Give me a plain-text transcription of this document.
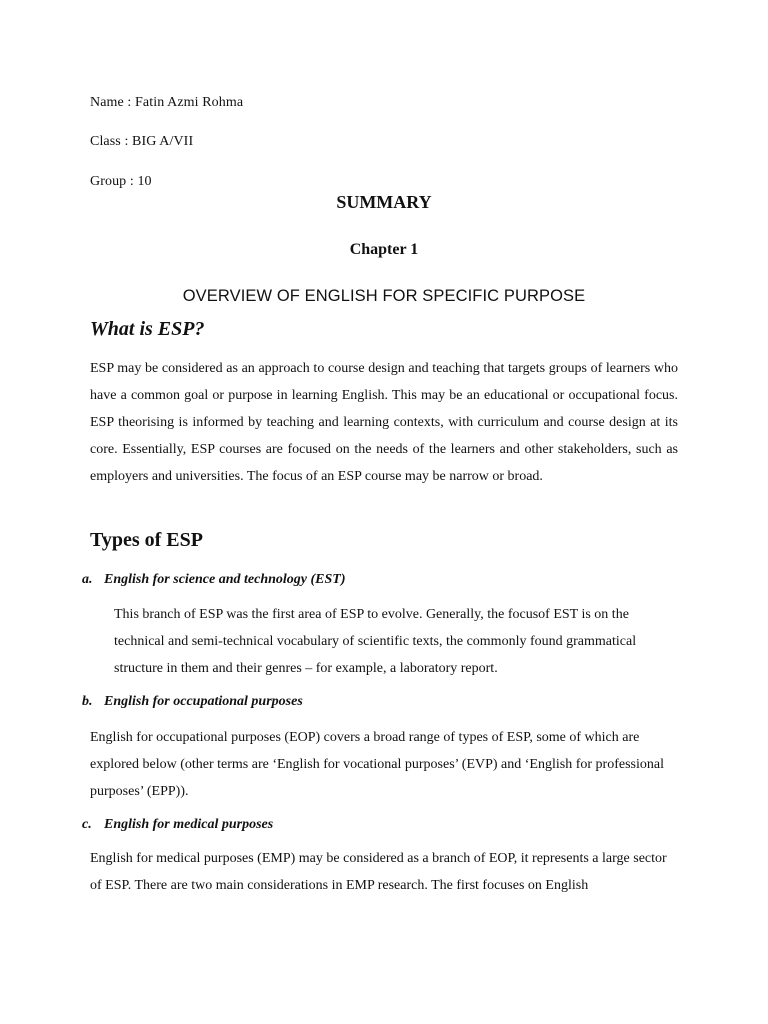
Name : Fatin Azmi Rohma
Class : BIG A/VII
Group : 10
SUMMARY
Chapter 1
OVERVIEW OF ENGLISH FOR SPECIFIC PURPOSE
What is ESP?
ESP may be considered as an approach to course design and teaching that targets groups of learners who have a common goal or purpose in learning English. This may be an educational or occupational focus. ESP theorising is informed by teaching and learning contexts, with curriculum and course design at its core. Essentially, ESP courses are focused on the needs of the learners and other stakeholders, such as employers and universities. The focus of an ESP course may be narrow or broad.
Types of ESP
a. English for science and technology (EST)
This branch of ESP was the first area of ESP to evolve. Generally, the focusof EST is on the technical and semi-technical vocabulary of scientific texts, the commonly found grammatical structure in them and their genres – for example, a laboratory report.
b. English for occupational purposes
English for occupational purposes (EOP) covers a broad range of types of ESP, some of which are explored below (other terms are ‘English for vocational purposes’ (EVP) and ‘English for professional purposes’ (EPP)).
c. English for medical purposes
English for medical purposes (EMP) may be considered as a branch of EOP, it represents a large sector of ESP. There are two main considerations in EMP research. The first focuses on English
